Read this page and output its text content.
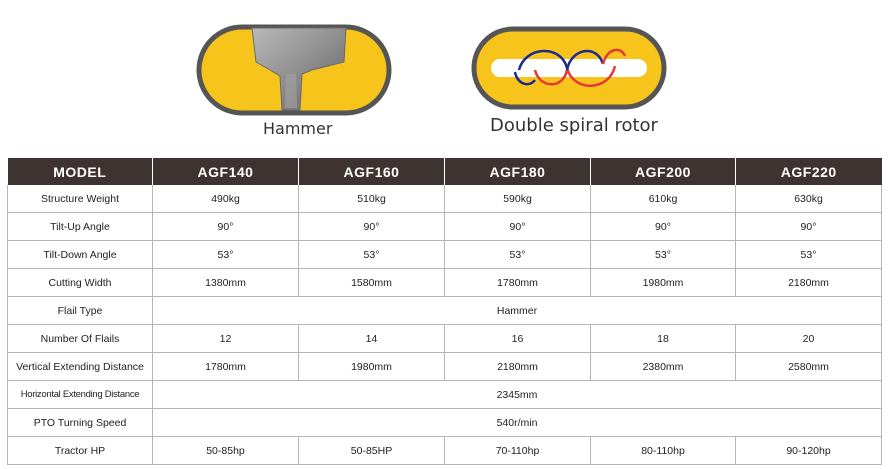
Hammer	Double spiral rotor
MODEL	AGF140	AGF160	AGF180	AGF200	AGF220
Structure Weight	490kg	510kg	590kg	610kg	630kg
Tilt-Up Angle	90°	90°	90°	90°	90°
Tilt-Down Angle	53°	53°	53°	53°	53°
Cutting Width	1380mm	1580mm	1780mm	1980mm	2180mm
Flail Type	Hammer				
Number Of Flails	12	14	16	18	20
Vertical Extending Distance	1780mm	1980mm	2180mm	2380mm	2580mm
Horizontal Extending Distance	2345mm				
PTO Turning Speed	540r/min				
Tractor HP	50-85hp	50-85HP	70-110hp	80-110hp	90-120hp
